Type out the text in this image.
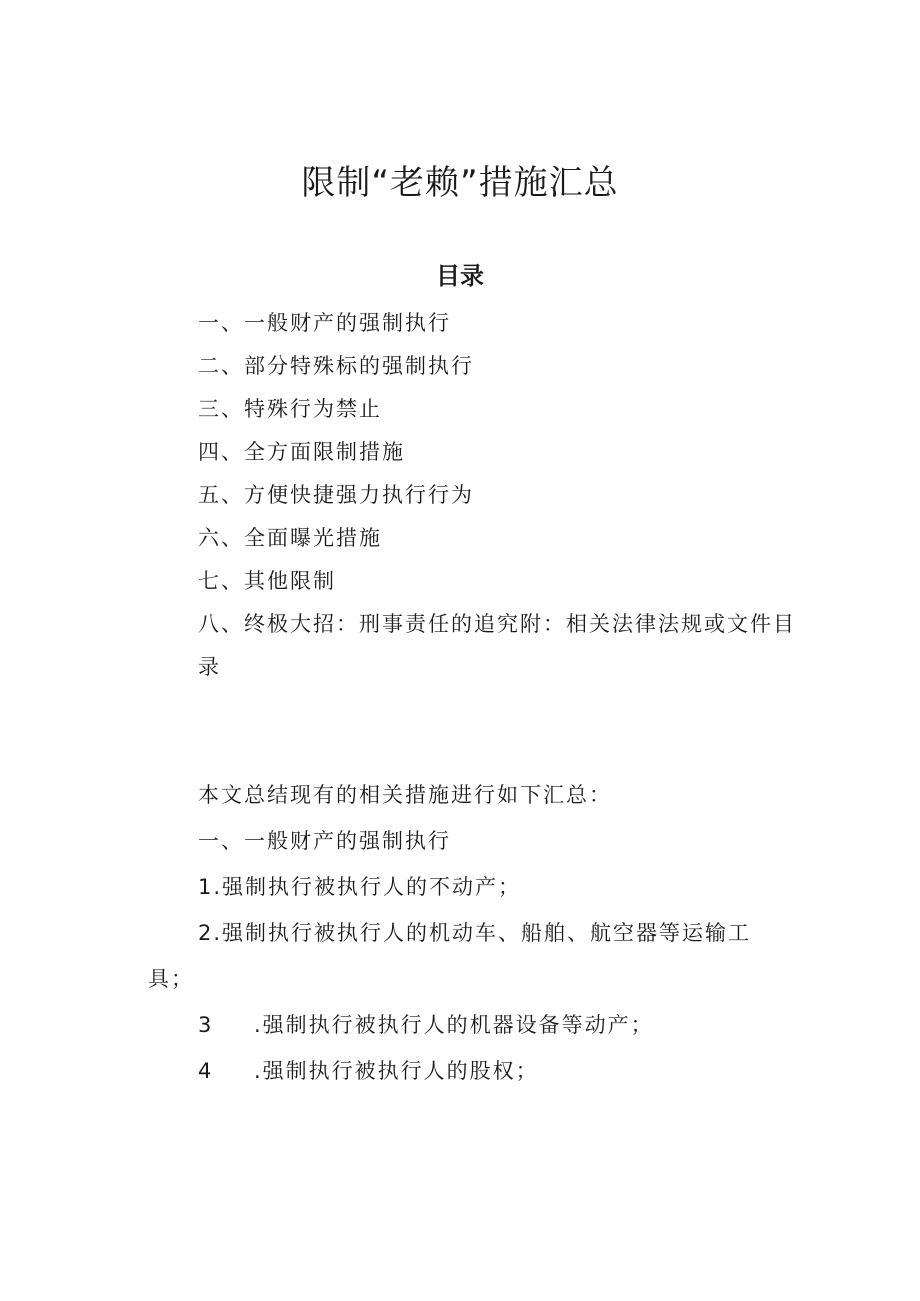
限制“老赖”措施汇总
目录
一、一般财产的强制执行
二、部分特殊标的强制执行
三、特殊行为禁止
四、全方面限制措施
五、方便快捷强力执行行为
六、全面曝光措施
七、其他限制
八、终极大招：刑事责任的追究附：相关法律法规或文件目录

本文总结现有的相关措施进行如下汇总：

一、一般财产的强制执行

1.强制执行被执行人的不动产；

2.强制执行被执行人的机动车、船舶、航空器等运输工
具；

3 .强制执行被执行人的机器设备等动产；

4 .强制执行被执行人的股权；
